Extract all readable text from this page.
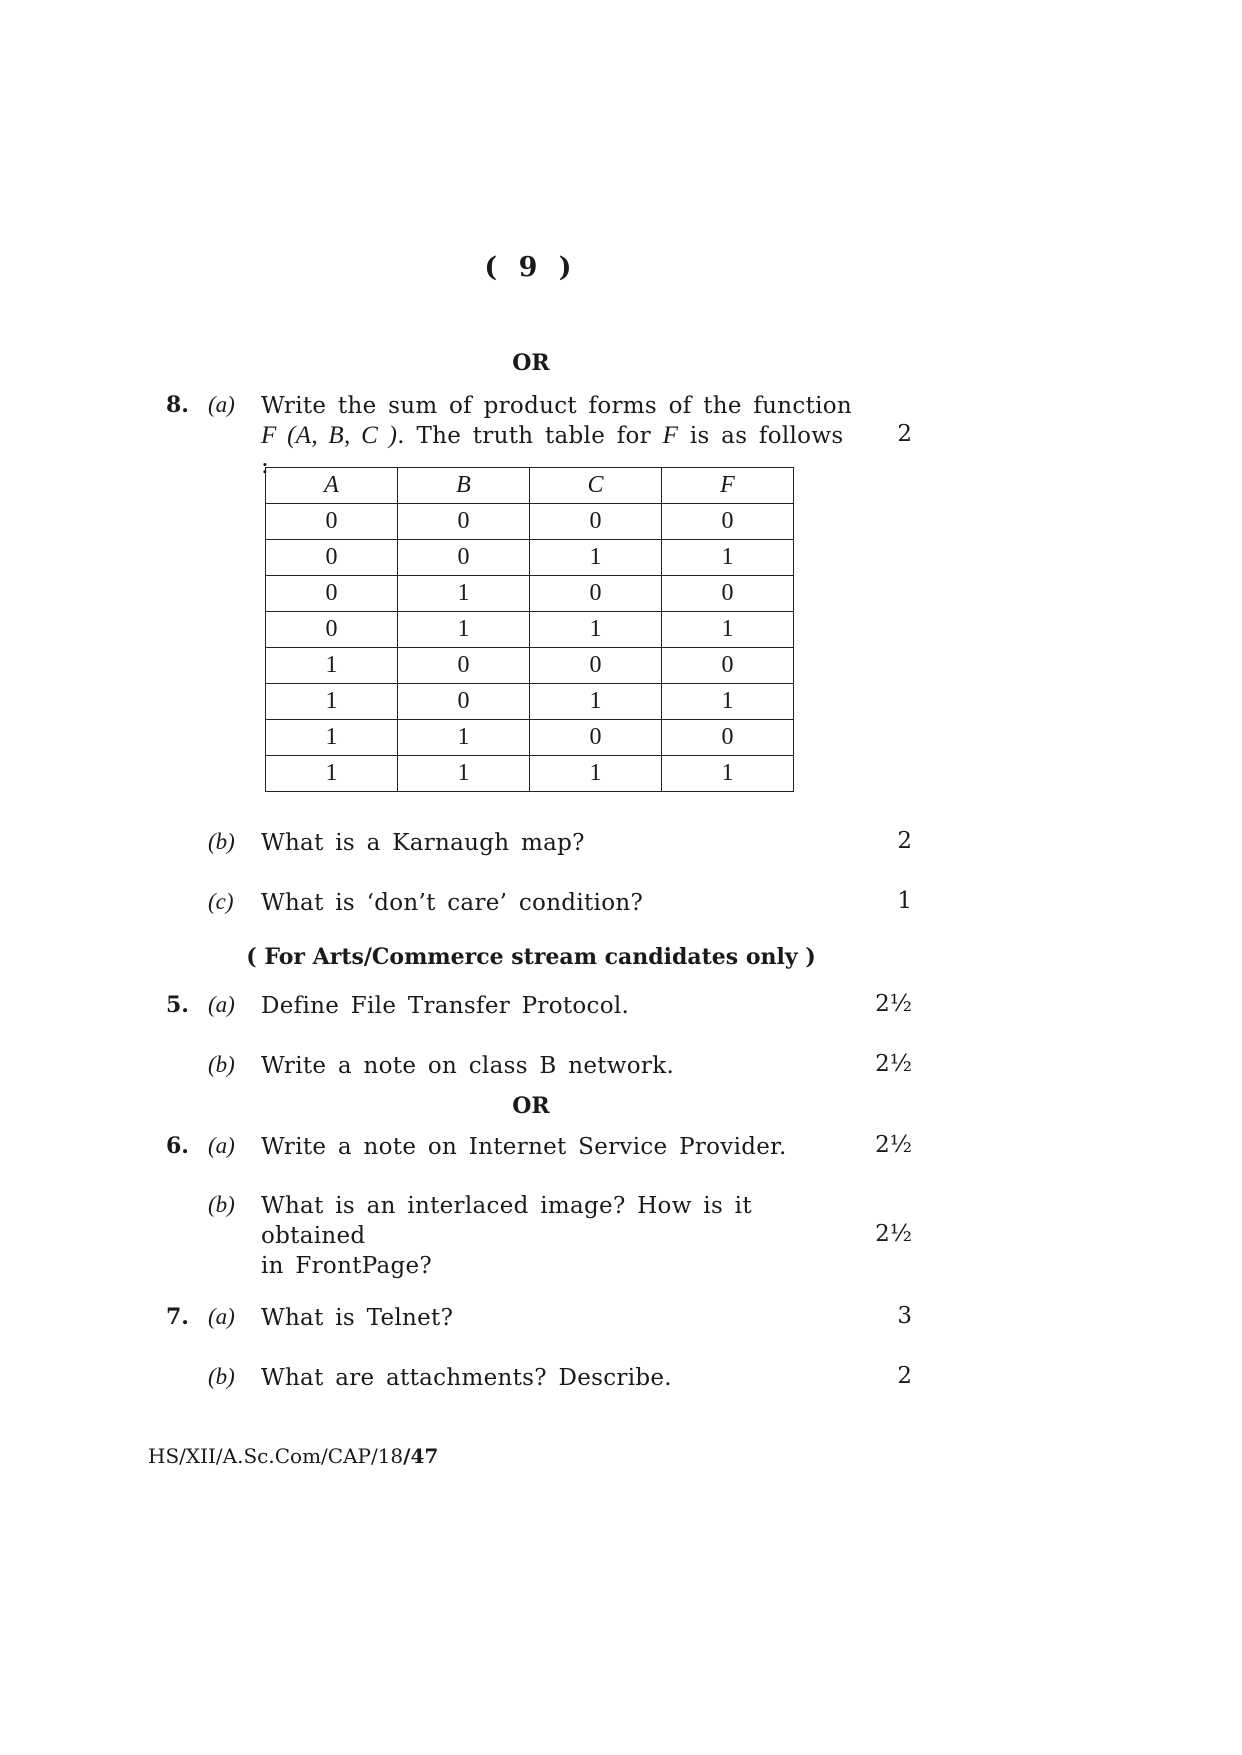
( 9 )
OR
8. (a) Write the sum of product forms of the function
F (A, B, C ). The truth table for F is as follows :
2
A	B	C	F
0	0	0	0
0	0	1	1
0	1	0	0
0	1	1	1
1	0	0	0
1	0	1	1
1	1	0	0
1	1	1	1
(b) What is a Karnaugh map?	2
(c) What is ‘don’t care’ condition?	1
( For Arts/Commerce stream candidates only )
5. (a) Define File Transfer Protocol.	2½
(b) Write a note on class B network.	2½
OR
6. (a) Write a note on Internet Service Provider.	2½
(b) What is an interlaced image? How is it obtained
in FrontPage?
2½
7. (a) What is Telnet?	3
(b) What are attachments? Describe.	2
HS/XII/A.Sc.Com/CAP/18/47
